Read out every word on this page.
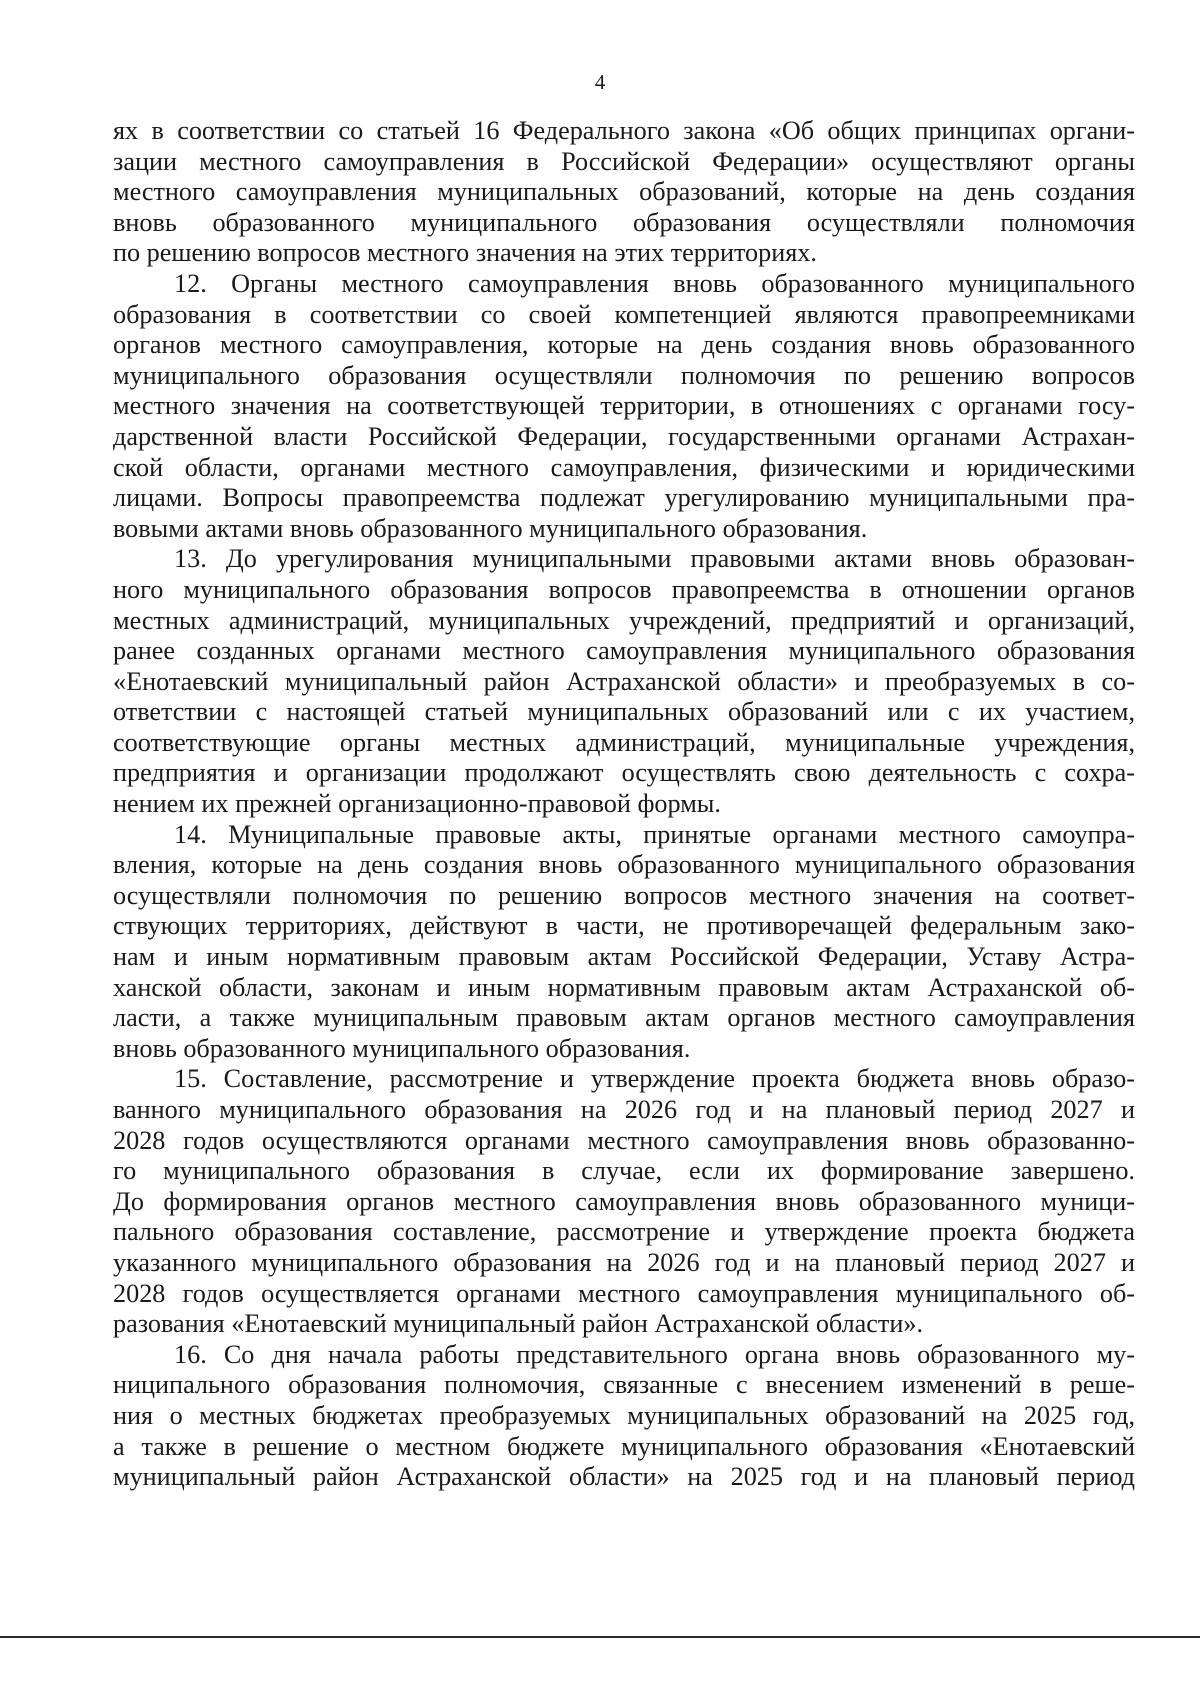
4
ях в соответствии со статьей 16 Федерального закона «Об общих принципах органи-
зации местного самоуправления в Российской Федерации» осуществляют органы
местного самоуправления муниципальных образований, которые на день создания
вновь образованного муниципального образования осуществляли полномочия
по решению вопросов местного значения на этих территориях.
12. Органы местного самоуправления вновь образованного муниципального
образования в соответствии со своей компетенцией являются правопреемниками
органов местного самоуправления, которые на день создания вновь образованного
муниципального образования осуществляли полномочия по решению вопросов
местного значения на соответствующей территории, в отношениях с органами госу-
дарственной власти Российской Федерации, государственными органами Астрахан-
ской области, органами местного самоуправления, физическими и юридическими
лицами. Вопросы правопреемства подлежат урегулированию муниципальными пра-
вовыми актами вновь образованного муниципального образования.
13. До урегулирования муниципальными правовыми актами вновь образован-
ного муниципального образования вопросов правопреемства в отношении органов
местных администраций, муниципальных учреждений, предприятий и организаций,
ранее созданных органами местного самоуправления муниципального образования
«Енотаевский муниципальный район Астраханской области» и преобразуемых в со-
ответствии с настоящей статьей муниципальных образований или с их участием,
соответствующие органы местных администраций, муниципальные учреждения,
предприятия и организации продолжают осуществлять свою деятельность с сохра-
нением их прежней организационно-правовой формы.
14. Муниципальные правовые акты, принятые органами местного самоупра-
вления, которые на день создания вновь образованного муниципального образования
осуществляли полномочия по решению вопросов местного значения на соответ-
ствующих территориях, действуют в части, не противоречащей федеральным зако-
нам и иным нормативным правовым актам Российской Федерации, Уставу Астра-
ханской области, законам и иным нормативным правовым актам Астраханской об-
ласти, а также муниципальным правовым актам органов местного самоуправления
вновь образованного муниципального образования.
15. Составление, рассмотрение и утверждение проекта бюджета вновь образо-
ванного муниципального образования на 2026 год и на плановый период 2027 и
2028 годов осуществляются органами местного самоуправления вновь образованно-
го муниципального образования в случае, если их формирование завершено.
До формирования органов местного самоуправления вновь образованного муници-
пального образования составление, рассмотрение и утверждение проекта бюджета
указанного муниципального образования на 2026 год и на плановый период 2027 и
2028 годов осуществляется органами местного самоуправления муниципального об-
разования «Енотаевский муниципальный район Астраханской области».
16. Со дня начала работы представительного органа вновь образованного му-
ниципального образования полномочия, связанные с внесением изменений в реше-
ния о местных бюджетах преобразуемых муниципальных образований на 2025 год,
а также в решение о местном бюджете муниципального образования «Енотаевский
муниципальный район Астраханской области» на 2025 год и на плановый период
